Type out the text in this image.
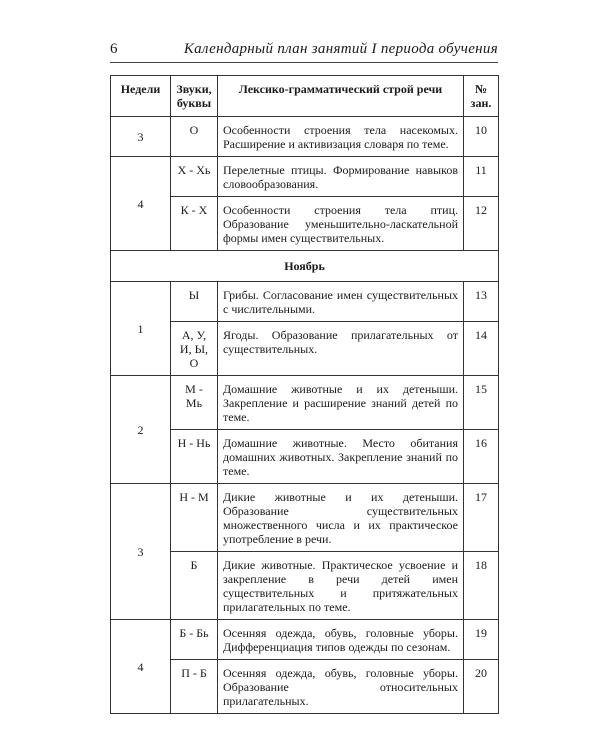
6	Календарный план занятий I периода обучения
Недели	Звуки, буквы	Лексико-грамматический строй речи	№ зан.
3	О	Особенности строения тела насекомых. Расширение и активизация словаря по теме.	10
4	Х - Хь	Перелетные птицы. Формирование навыков словообразования.	11
	К - Х	Особенности строения тела птиц. Образование уменьшительно-ласкательной формы имен существительных.	12
Ноябрь			
1	Ы	Грибы. Согласование имен существительных с числительными.	13
	А, У, И, Ы, О	Ягоды. Образование прилагательных от существительных.	14
2	М - Мь	Домашние животные и их детеныши. Закрепление и расширение знаний детей по теме.	15
	Н - Нь	Домашние животные. Место обитания домашних животных. Закрепление знаний по теме.	16
3	Н - М	Дикие животные и их детеныши. Образование существительных множественного числа и их практическое употребление в речи.	17
	Б	Дикие животные. Практическое усвоение и закрепление в речи детей имен существительных и притяжательных прилагательных по теме.	18
4	Б - Бь	Осенняя одежда, обувь, головные уборы. Дифференциация типов одежды по сезонам.	19
	П - Б	Осенняя одежда, обувь, головные уборы. Образование относительных прилагательных.	20
